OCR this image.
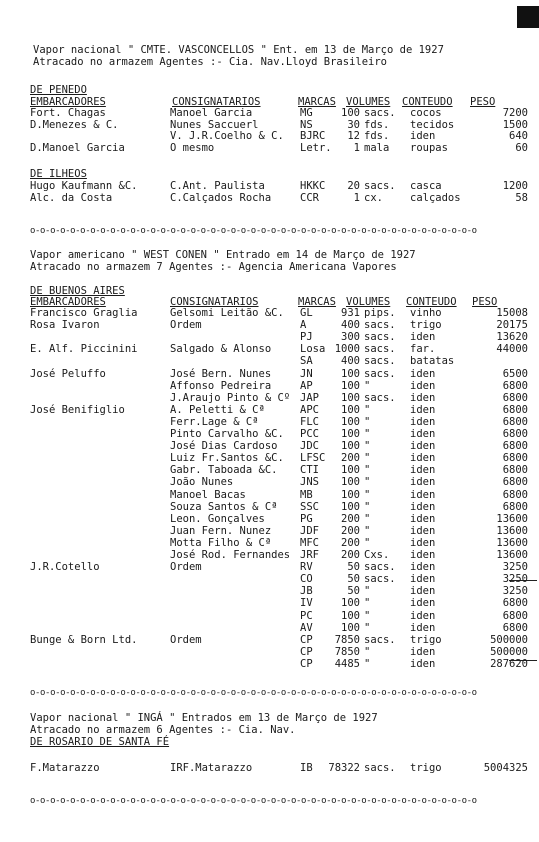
Vapor nacional " CMTE. VASCONCELLOS " Ent. em 13 de Março de 1927
Atracado no armazem Agentes :- Cia. Nav.Lloyd Brasileiro
DE PENEDO
EMBARCADORES	CONSIGNATARIOS	MARCAS VOLUMES CONTEUDO PESO
Fort. Chagas	Manoel Garcia	MG	100 sacs. cocos	7200
D.Menezes & C.	Nunes Saccuerl	NS	30 fds. tecidos	1500
V. J.R.Coelho & C. BJRC	12 fds. iden	640
D.Manoel Garcia	O mesmo	Letr.	1 mala roupas	60
DE ILHEOS
Hugo Kaufmann &C.	C.Ant. Paulista	HKKC	20 sacs. casca	1200
Alc. da Costa	C.Calçados Rocha	CCR	1 cx.	calçados	58
o-o-o-o-o-o-o-o-o-o-o-o-o-o-o-o-o-o-o-o-o-o-o-o-o-o-o-o-o-o-o-o-o-o-o-o-o-o-o-o-o-o-o-o-o
Vapor americano " WEST CONEN " Entrado em 14 de Março de 1927
Atracado no armazem 7 Agentes :- Agencia Americana Vapores
DE BUENOS AIRES
EMBARCADORES	CONSIGNATARIOS	MARCAS VOLUMES CONTEUDO PESO
Francisco Graglia	Gelsomi Leitão &C. GL	931 pips. vinho	15008
Rosa Ivaron	Ordem	A	400 sacs. trigo	20175
PJ	300 sacs. iden	13620
E. Alf. Piccinini	Salgado & Alonso	Losa 1000 sacs. far.	44000
SA	400 sacs. batatas
José Peluffo	José Bern. Nunes	JN	100 sacs. iden	6500
Affonso Pedreira	AP	100 "	iden	6800
J.Araujo Pinto & Cº JAP	100 sacs. iden	6800
José Benifiglio	A. Peletti & Cª	APC	100 "	iden	6800
Ferr.Lage & Cª	FLC	100 "	iden	6800
Pinto Carvalho &C. PCC	100 "	iden	6800
José Dias Cardoso JDC	100 "	iden	6800
Luiz Fr.Santos &C. LFSC	200 "	iden	6800
Gabr. Taboada &C. CTI	100 "	iden	6800
João Nunes	JNS	100 "	iden	6800
Manoel Bacas	MB	100 "	iden	6800
Souza Santos & Cª SSC	100 "	iden	6800
Leon. Gonçalves	PG	200 "	iden	13600
Juan Fern. Nunez	JDF	200 "	iden	13600
Motta Filho & Cª	MFC	200 "	iden	13600
José Rod. Fernandes JRF	200 Cxs. iden	13600
J.R.Cotello	Ordem	RV	50 sacs. iden	3250
CO	50 sacs. iden	3250
JB	50 "	iden	3250
IV	100 "	iden	6800
PC	100 "	iden	6800
AV	100 "	iden	6800
Bunge & Born Ltd.	Ordem	CP	7850 sacs. trigo	500000
CP	7850 "	iden	500000
CP	4485 "	iden	287620
o-o-o-o-o-o-o-o-o-o-o-o-o-o-o-o-o-o-o-o-o-o-o-o-o-o-o-o-o-o-o-o-o-o-o-o-o-o-o-o-o-o-o-o-o
Vapor nacional " INGÁ " Entrados em 13 de Março de 1927
Atracado no armazem 6 Agentes :- Cia. Nav.
DE ROSARIO DE SANTA FÉ
F.Matarazzo	IRF.Matarazzo	IB	78322 sacs. trigo	5004325
o-o-o-o-o-o-o-o-o-o-o-o-o-o-o-o-o-o-o-o-o-o-o-o-o-o-o-o-o-o-o-o-o-o-o-o-o-o-o-o-o-o-o-o-o
